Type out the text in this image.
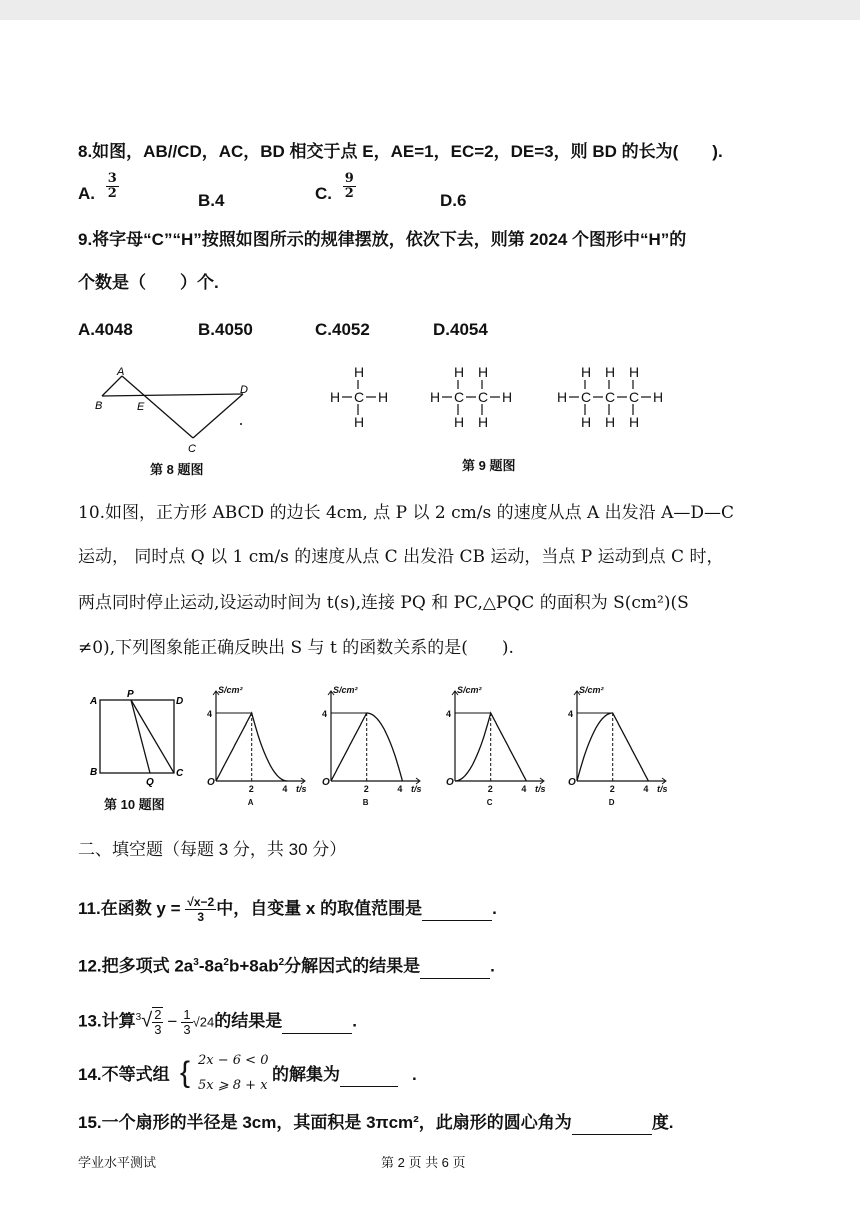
8.如图，AB//CD，AC，BD 相交于点 E，AE=1，EC=2，DE=3，则 BD 的长为(　　).
A. $\frac{3}{2}$	B.4	C. $\frac{9}{2}$	D.6
9.将字母“C”“H”按照如图所示的规律摆放，依次下去，则第 2024 个图形中“H”的
个数是（　　）个.
A.4048	B.4050	C.4052	D.4054
A
B	E
D
C
第 8 题图
H C
H
H
H	H C
H
H
C
H
H
H	H C
H
H
C
H
H
C
H
H
H
第 9 题图
10.如图，正方形 ABCD 的边长 4cm, 点 P 以 2 cm/s 的速度从点 A 出发沿 A—D—C
运动， 同时点 Q 以 1 cm/s 的速度从点 C 出发沿 CB 运动，当点 P 运动到点 C 时，
两点同时停止运动,设运动时间为 t(s),连接 PQ 和 PC,△PQC 的面积为 S(cm²)(S
≠0),下列图象能正确反映出 S 与 t 的函数关系的是(　　).
A
P
D
B
Q
C
第 10 题图
S/cm²
t/s
O
4
2	4
A
S/cm²
t/s
O
4
2	4
B
S/cm²
t/s
O
4
2	4
C
S/cm²
t/s
O
4
2	4
D
二、填空题（每题 3 分，共 30 分）
11.在函数 $y = \frac{√x-2}{3}$ 中，自变量 x 的取值范围是	.
12.把多项式 $2a^3-8a^2b+8ab^2$分解因式的结果是	.
13.计算$^3√ \frac{2}{3} - \frac{1}{3} √24$的结果是	.
14.不等式组 { 2x − 6 < 0
5x ⩾ 8 + x
的解集为	.
15.一个扇形的半径是 3cm，其面积是 3πcm²，此扇形的圆心角为	度.
学业水平测试	第 2 页 共 6 页
